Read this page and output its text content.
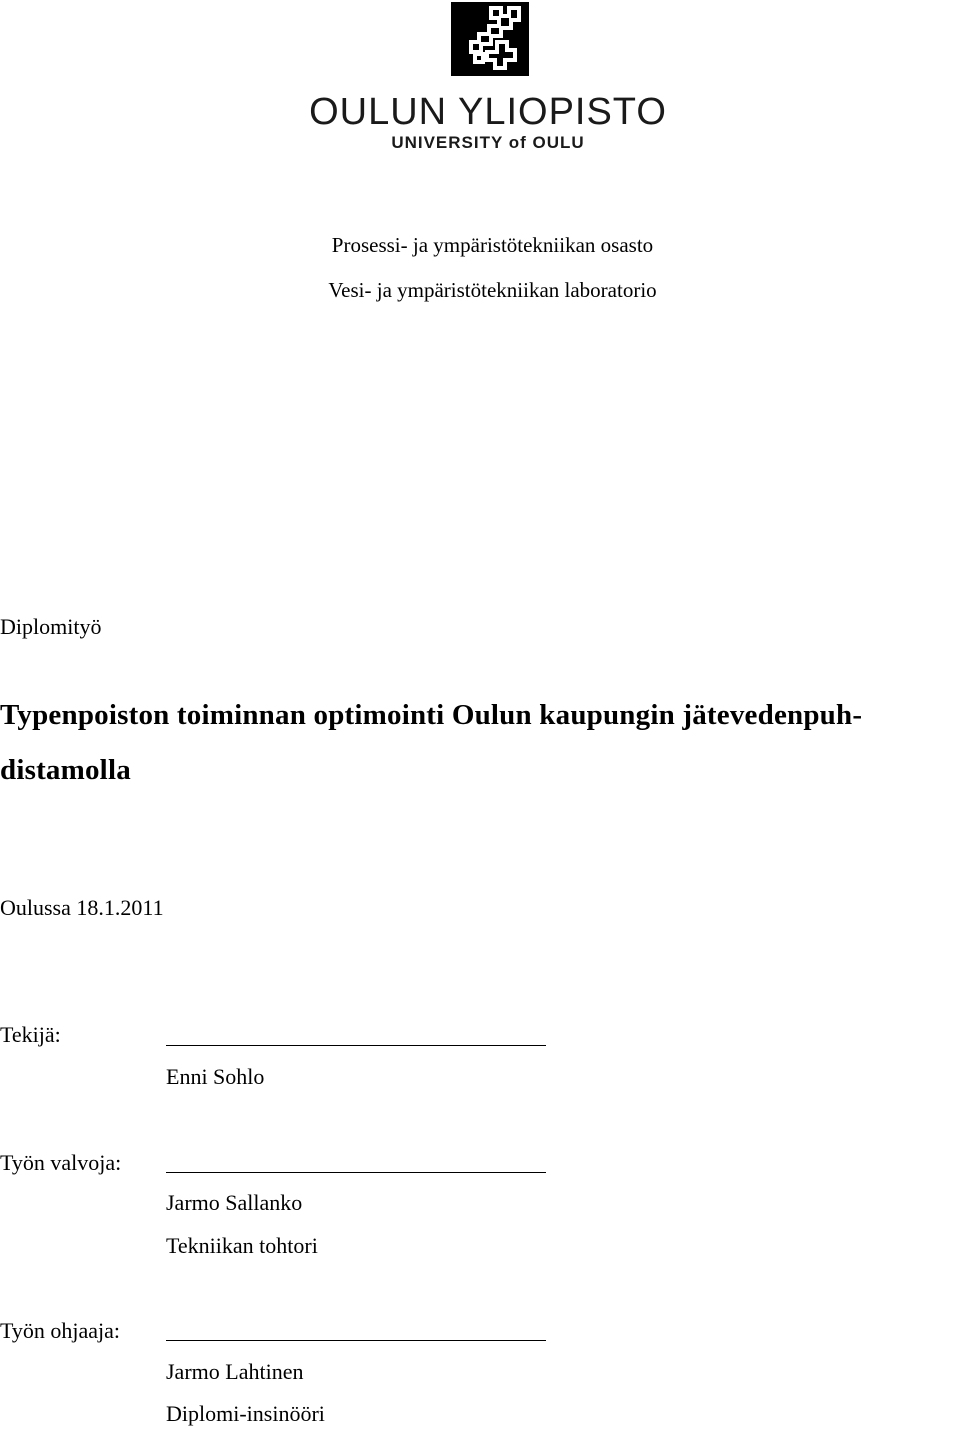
OULUN YLIOPISTO
UNIVERSITY of OULU
Prosessi- ja ympäristötekniikan osasto
Vesi- ja ympäristötekniikan laboratorio
Diplomityö
Typenpoiston toiminnan optimointi Oulun kaupungin jätevedenpuh-
distamolla
Oulussa 18.1.2011
Tekijä:
Enni Sohlo
Työn valvoja:
Jarmo Sallanko
Tekniikan tohtori
Työn ohjaaja:
Jarmo Lahtinen
Diplomi-insinööri
